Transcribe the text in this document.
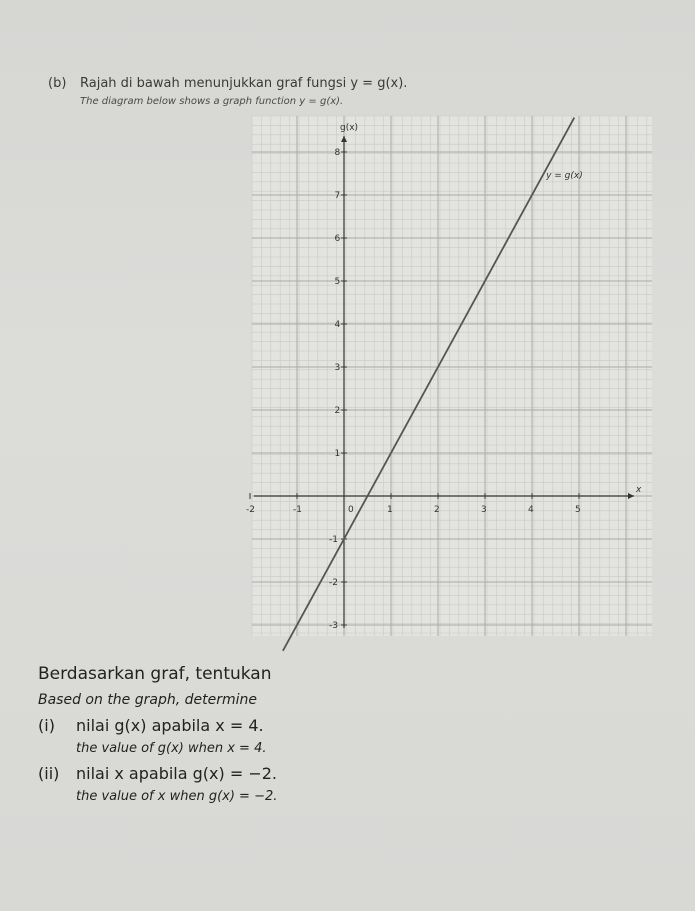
(b) Rajah di bawah menunjukkan graf fungsi y = g(x).
The diagram below shows a graph function y = g(x).
-2	-1	0	1	2	3	4	5
8
7
6
5
4
3
2
1
-1
-2
-3
g(x)
x
y = g(x)
Berdasarkan graf, tentukan
Based on the graph, determine
(i) nilai g(x) apabila x = 4.
the value of g(x) when x = 4.
(ii) nilai x apabila g(x) = −2.
the value of x when g(x) = −2.
